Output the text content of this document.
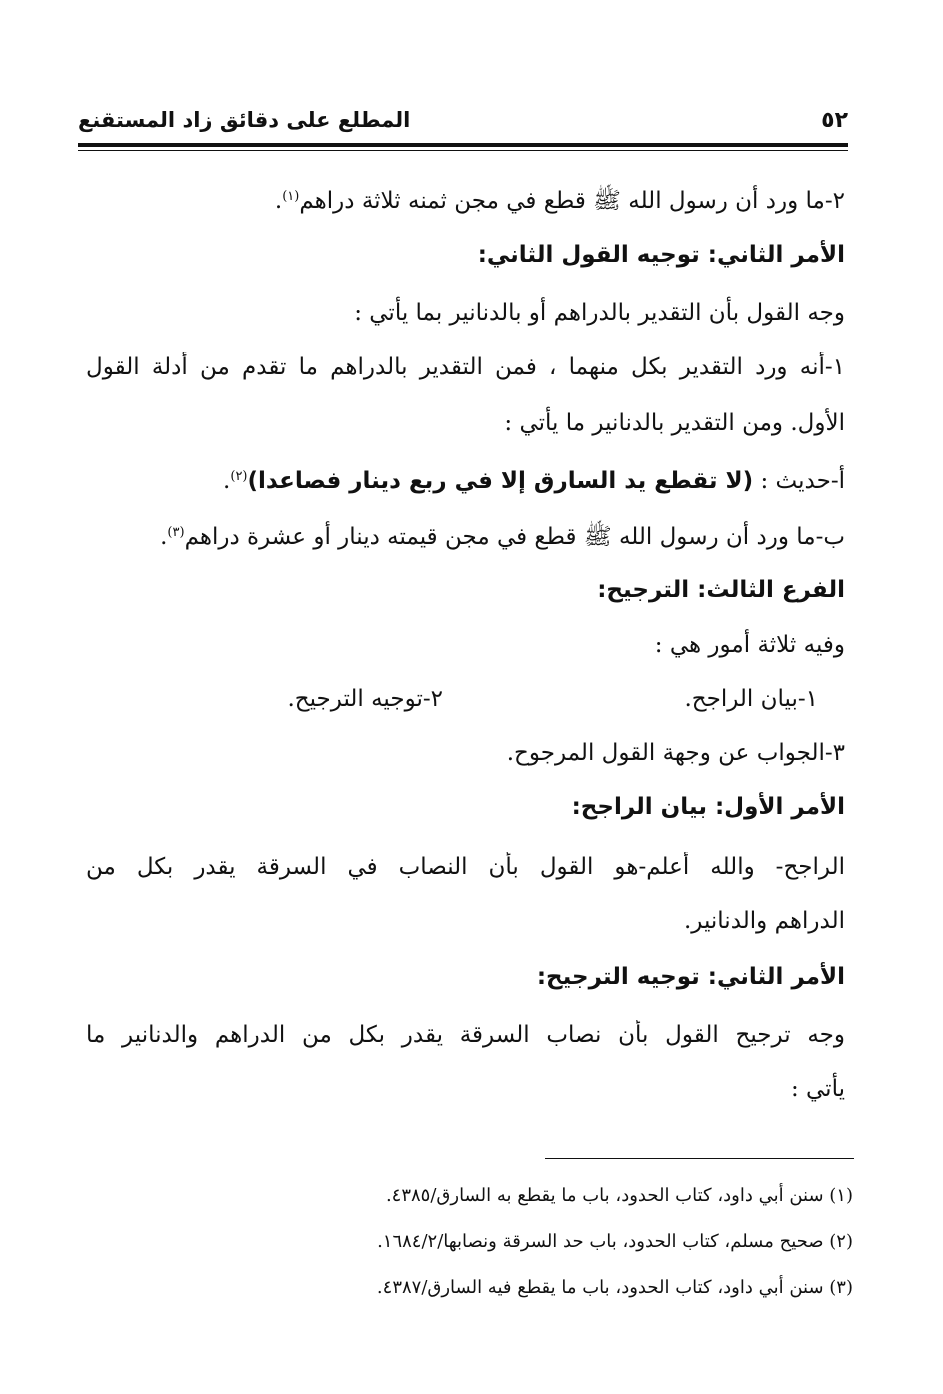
٥٢
المطلع على دقائق زاد المستقنع
٢-ما ورد أن رسول الله ﷺ قطع في مجن ثمنه ثلاثة دراهم$^{(١)}$.
الأمر الثاني: توجيه القول الثاني:
وجه القول بأن التقدير بالدراهم أو بالدنانير بما يأتي :
١-أنه ورد التقدير بكل منهما ، فمن التقدير بالدراهم ما تقدم من أدلة القول
الأول. ومن التقدير بالدنانير ما يأتي :
أ-حديث : (لا تقطع يد السارق إلا في ربع دينار فصاعدا)$^{(٢)}$.
ب-ما ورد أن رسول الله ﷺ قطع في مجن قيمته دينار أو عشرة دراهم$^{(٣)}$.
الفرع الثالث: الترجيح:
وفيه ثلاثة أمور هي :
١-بيان الراجح.
٢-توجيه الترجيح.
٣-الجواب عن وجهة القول المرجوح.
الأمر الأول: بيان الراجح:
الراجح- والله أعلم-هو القول بأن النصاب في السرقة يقدر بكل من
الدراهم والدنانير.
الأمر الثاني: توجيه الترجيح:
وجه ترجيح القول بأن نصاب السرقة يقدر بكل من الدراهم والدنانير ما
يأتي :
(١) سنن أبي داود، كتاب الحدود، باب ما يقطع به السارق/٤٣٨٥.
(٢) صحيح مسلم، كتاب الحدود، باب حد السرقة ونصابها/١٦٨٤/٢.
(٣) سنن أبي داود، كتاب الحدود، باب ما يقطع فيه السارق/٤٣٨٧.
